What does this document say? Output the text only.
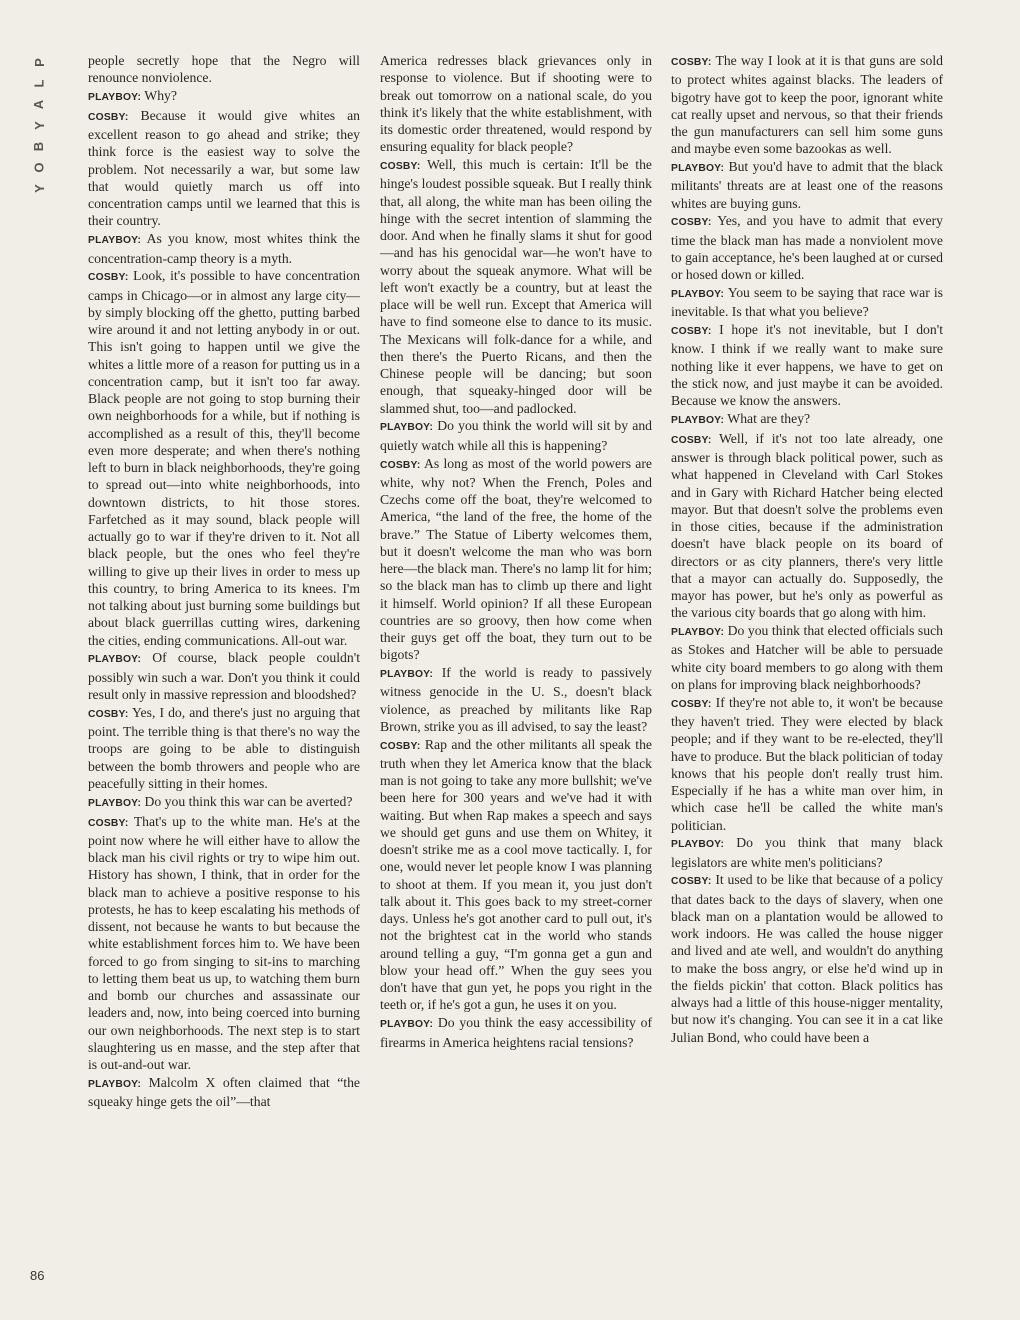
P
L
A
Y
B
O
Y
86

people secretly hope that the Negro will renounce nonviolence.

PLAYBOY: Why?

COSBY: Because it would give whites an excellent reason to go ahead and strike; they think force is the easiest way to solve the problem. Not necessarily a war, but some law that would quietly march us off into concentration camps until we learned that this is their country.

PLAYBOY: As you know, most whites think the concentration-camp theory is a myth.

COSBY: Look, it's possible to have concentration camps in Chicago—or in almost any large city—by simply blocking off the ghetto, putting barbed wire around it and not letting anybody in or out. This isn't going to happen until we give the whites a little more of a reason for putting us in a concentration camp, but it isn't too far away. Black people are not going to stop burning their own neighborhoods for a while, but if nothing is accomplished as a result of this, they'll become even more desperate; and when there's nothing left to burn in black neighborhoods, they're going to spread out—into white neighborhoods, into downtown districts, to hit those stores. Farfetched as it may sound, black people will actually go to war if they're driven to it. Not all black people, but the ones who feel they're willing to give up their lives in order to mess up this country, to bring America to its knees. I'm not talking about just burning some buildings but about black guerrillas cutting wires, darkening the cities, ending communications. All-out war.

PLAYBOY: Of course, black people couldn't possibly win such a war. Don't you think it could result only in massive repression and bloodshed?

COSBY: Yes, I do, and there's just no arguing that point. The terrible thing is that there's no way the troops are going to be able to distinguish between the bomb throwers and people who are peacefully sitting in their homes.

PLAYBOY: Do you think this war can be averted?

COSBY: That's up to the white man. He's at the point now where he will either have to allow the black man his civil rights or try to wipe him out. History has shown, I think, that in order for the black man to achieve a positive response to his protests, he has to keep escalating his methods of dissent, not because he wants to but because the white establishment forces him to. We have been forced to go from singing to sit-ins to marching to letting them beat us up, to watching them burn and bomb our churches and assassinate our leaders and, now, into being coerced into burning our own neighborhoods. The next step is to start slaughtering us en masse, and the step after that is out-and-out war.

PLAYBOY: Malcolm X often claimed that “the squeaky hinge gets the oil”—that

America redresses black grievances only in response to violence. But if shooting were to break out tomorrow on a national scale, do you think it's likely that the white establishment, with its domestic order threatened, would respond by ensuring equality for black people?

COSBY: Well, this much is certain: It'll be the hinge's loudest possible squeak. But I really think that, all along, the white man has been oiling the hinge with the secret intention of slamming the door. And when he finally slams it shut for good—and has his genocidal war—he won't have to worry about the squeak anymore. What will be left won't exactly be a country, but at least the place will be well run. Except that America will have to find someone else to dance to its music. The Mexicans will folk-dance for a while, and then there's the Puerto Ricans, and then the Chinese people will be dancing; but soon enough, that squeaky-hinged door will be slammed shut, too—and padlocked.

PLAYBOY: Do you think the world will sit by and quietly watch while all this is happening?

COSBY: As long as most of the world powers are white, why not? When the French, Poles and Czechs come off the boat, they're welcomed to America, “the land of the free, the home of the brave.” The Statue of Liberty welcomes them, but it doesn't welcome the man who was born here—the black man. There's no lamp lit for him; so the black man has to climb up there and light it himself. World opinion? If all these European countries are so groovy, then how come when their guys get off the boat, they turn out to be bigots?

PLAYBOY: If the world is ready to passively witness genocide in the U. S., doesn't black violence, as preached by militants like Rap Brown, strike you as ill advised, to say the least?

COSBY: Rap and the other militants all speak the truth when they let America know that the black man is not going to take any more bullshit; we've been here for 300 years and we've had it with waiting. But when Rap makes a speech and says we should get guns and use them on Whitey, it doesn't strike me as a cool move tactically. I, for one, would never let people know I was planning to shoot at them. If you mean it, you just don't talk about it. This goes back to my street-corner days. Unless he's got another card to pull out, it's not the brightest cat in the world who stands around telling a guy, “I'm gonna get a gun and blow your head off.” When the guy sees you don't have that gun yet, he pops you right in the teeth or, if he's got a gun, he uses it on you.

PLAYBOY: Do you think the easy accessibility of firearms in America heightens racial tensions?

COSBY: The way I look at it is that guns are sold to protect whites against blacks. The leaders of bigotry have got to keep the poor, ignorant white cat really upset and nervous, so that their friends the gun manufacturers can sell him some guns and maybe even some bazookas as well.

PLAYBOY: But you'd have to admit that the black militants' threats are at least one of the reasons whites are buying guns.

COSBY: Yes, and you have to admit that every time the black man has made a nonviolent move to gain acceptance, he's been laughed at or cursed or hosed down or killed.

PLAYBOY: You seem to be saying that race war is inevitable. Is that what you believe?

COSBY: I hope it's not inevitable, but I don't know. I think if we really want to make sure nothing like it ever happens, we have to get on the stick now, and just maybe it can be avoided. Because we know the answers.

PLAYBOY: What are they?

COSBY: Well, if it's not too late already, one answer is through black political power, such as what happened in Cleveland with Carl Stokes and in Gary with Richard Hatcher being elected mayor. But that doesn't solve the problems even in those cities, because if the administration doesn't have black people on its board of directors or as city planners, there's very little that a mayor can actually do. Supposedly, the mayor has power, but he's only as powerful as the various city boards that go along with him.

PLAYBOY: Do you think that elected officials such as Stokes and Hatcher will be able to persuade white city board members to go along with them on plans for improving black neighborhoods?

COSBY: If they're not able to, it won't be because they haven't tried. They were elected by black people; and if they want to be re-elected, they'll have to produce. But the black politician of today knows that his people don't really trust him. Especially if he has a white man over him, in which case he'll be called the white man's politician.

PLAYBOY: Do you think that many black legislators are white men's politicians?

COSBY: It used to be like that because of a policy that dates back to the days of slavery, when one black man on a plantation would be allowed to work indoors. He was called the house nigger and lived and ate well, and wouldn't do anything to make the boss angry, or else he'd wind up in the fields pickin' that cotton. Black politics has always had a little of this house-nigger mentality, but now it's changing. You can see it in a cat like Julian Bond, who could have been a
